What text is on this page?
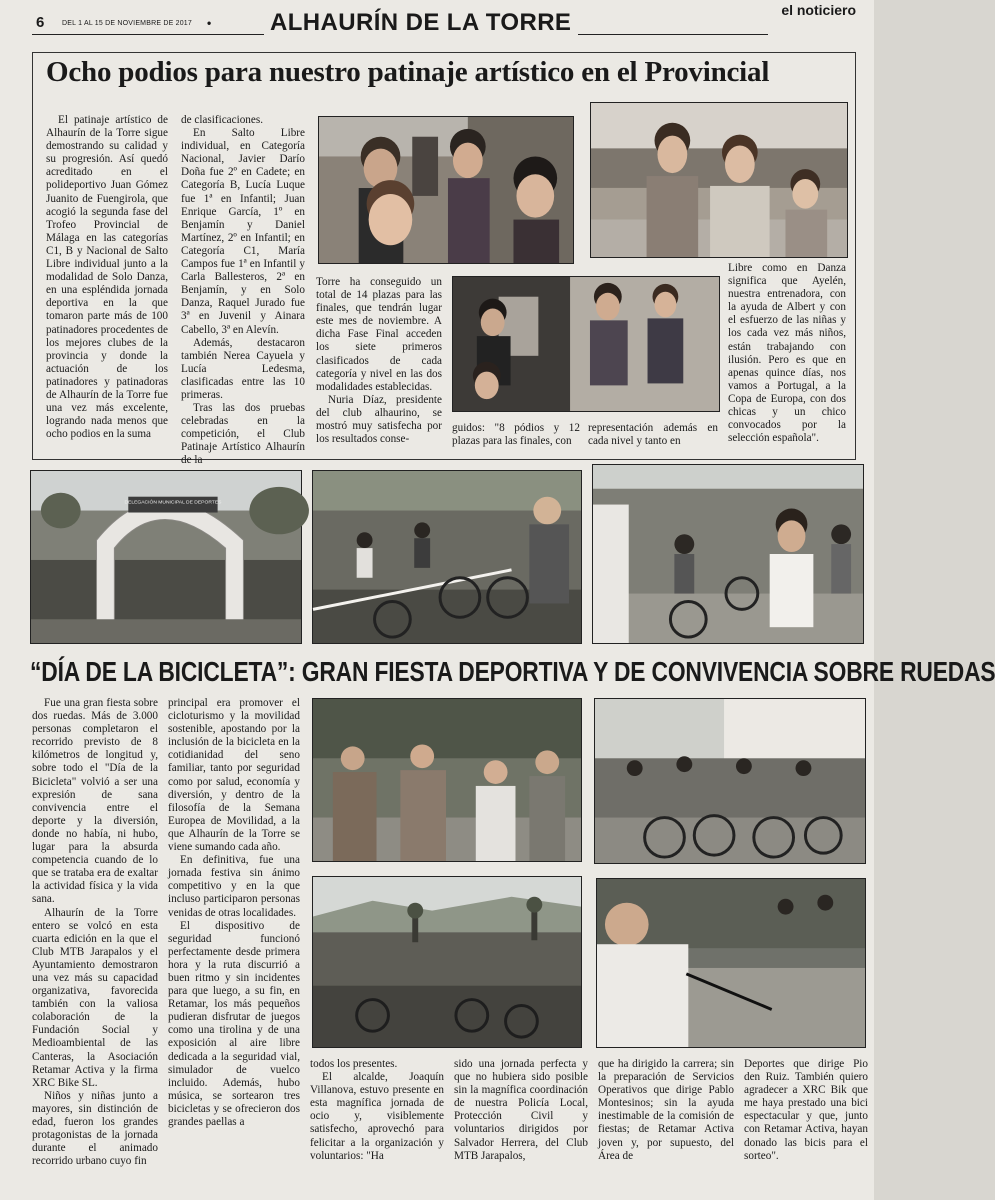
6	DEL 1 AL 15 DE NOVIEMBRE DE 2017 • ALHAURÍN DE LA TORRE	el noticiero
Ocho podios para nuestro patinaje artístico en el Provincial

El patinaje artístico de Alhaurín de la Torre sigue demostrando su calidad y su progresión. Así quedó acreditado en el polideportivo Juan Gómez Juanito de Fuengirola, que acogió la segunda fase del Trofeo Provincial de Málaga en las categorías C1, B y Nacional de Salto Libre individual junto a la modalidad de Solo Danza, en una espléndida jornada deportiva en la que tomaron parte más de 100 patinadores procedentes de los mejores clubes de la provincia y donde la actuación de los patinadores y patinadoras de Alhaurín de la Torre fue una vez más excelente, logrando nada menos que ocho podios en la suma

de clasificaciones.

En Salto Libre individual, en Categoría Nacional, Javier Darío Doña fue 2º en Cadete; en Categoría B, Lucía Luque fue 1ª en Infantil; Juan Enrique García, 1º en Benjamín y Daniel Martínez, 2º en Infantil; en Categoría C1, María Campos fue 1ª en Infantil y Carla Ballesteros, 2ª en Benjamín, y en Solo Danza, Raquel Jurado fue 3ª en Juvenil y Ainara Cabello, 3ª en Alevín.

Además, destacaron también Nerea Cayuela y Lucía Ledesma, clasificadas entre las 10 primeras.

Tras las dos pruebas celebradas en la competición, el Club Patinaje Artístico Alhaurín de la

Torre ha conseguido un total de 14 plazas para las finales, que tendrán lugar este mes de noviembre. A dicha Fase Final acceden los siete primeros clasificados de cada categoría y nivel en las dos modalidades establecidas.

Nuria Díaz, presidente del club alhaurino, se mostró muy satisfecha por los resultados conse-

guidos: "8 pódios y 12 plazas para las finales, con

representación además en cada nivel y tanto en

Libre como en Danza significa que Ayelén, nuestra entrenadora, con la ayuda de Albert y con el esfuerzo de las niñas y los cada vez más niños, están trabajando con ilusión. Pero es que en apenas quince días, nos vamos a Portugal, a la Copa de Europa, con dos chicas y un chico convocados por la selección española".

DELEGACIÓN MUNICIPAL DE DEPORTES
“DÍA DE LA BICICLETA”: GRAN FIESTA DEPORTIVA Y DE CONVIVENCIA SOBRE RUEDAS

Fue una gran fiesta sobre dos ruedas. Más de 3.000 personas completaron el recorrido previsto de 8 kilómetros de longitud y, sobre todo el "Día de la Bicicleta" volvió a ser una expresión de sana convivencia entre el deporte y la diversión, donde no había, ni hubo, lugar para la absurda competencia cuando de lo que se trataba era de exaltar la actividad física y la vida sana.

Alhaurín de la Torre entero se volcó en esta cuarta edición en la que el Club MTB Jarapalos y el Ayuntamiento demostraron una vez más su capacidad organizativa, favorecida también con la valiosa colaboración de la Fundación Social y Medioambiental de las Canteras, la Asociación Retamar Activa y la firma XRC Bike SL.

Niños y niñas junto a mayores, sin distinción de edad, fueron los grandes protagonistas de la jornada durante el animado recorrido urbano cuyo fin

principal era promover el cicloturismo y la movilidad sostenible, apostando por la inclusión de la bicicleta en la cotidianidad del seno familiar, tanto por seguridad como por salud, economía y diversión, y dentro de la filosofía de la Semana Europea de Movilidad, a la que Alhaurín de la Torre se viene sumando cada año.

En definitiva, fue una jornada festiva sin ánimo competitivo y en la que incluso participaron personas venidas de otras localidades.

El dispositivo de seguridad funcionó perfectamente desde primera hora y la ruta discurrió a buen ritmo y sin incidentes para que luego, a su fin, en Retamar, los más pequeños pudieran disfrutar de juegos como una tirolina y de una exposición al aire libre dedicada a la seguridad vial, simulador de vuelco incluido. Además, hubo música, se sortearon tres bicicletas y se ofrecieron dos grandes paellas a

todos los presentes.

El alcalde, Joaquín Villanova, estuvo presente en esta magnífica jornada de ocio y, visiblemente satisfecho, aprovechó para felicitar a la organización y voluntarios: "Ha

sido una jornada perfecta y que no hubiera sido posible sin la magnífica coordinación de nuestra Policía Local, Protección Civil y voluntarios dirigidos por Salvador Herrera, del Club MTB Jarapalos,

que ha dirigido la carrera; sin la preparación de Servicios Operativos que dirige Pablo Montesinos; sin la ayuda inestimable de la comisión de fiestas; de Retamar Activa joven y, por supuesto, del Área de

Deportes que dirige Pio den Ruiz. También quiero agradecer a XRC Bik que me haya prestado una bici espectacular y que, junto con Retamar Activa, hayan donado las bicis para el sorteo".
